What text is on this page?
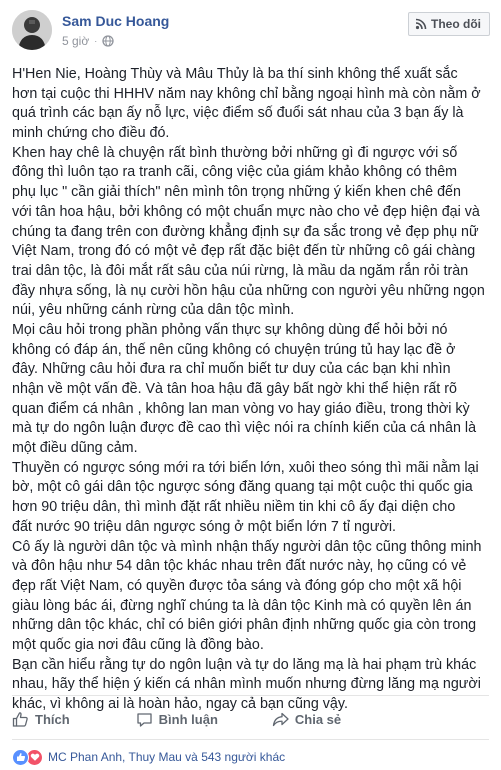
Sam Duc Hoang
5 giờ ·
Theo dõi
H'Hen Nie, Hoàng Thùy và Mâu Thủy là ba thí sinh không thể xuất sắc
hơn tại cuộc thi HHHV năm nay không chỉ bằng ngoại hình mà còn nằm ở
quá trình các bạn ấy nỗ lực, việc điểm số đuổi sát nhau của 3 bạn ấy là
minh chứng cho điều đó.
Khen hay chê là chuyện rất bình thường bởi những gì đi ngược với số
đông thì luôn tạo ra tranh cãi, công việc của giám khảo không có thêm
phụ lục " cần giải thích" nên mình tôn trọng những ý kiến khen chê đến
với tân hoa hậu, bởi không có một chuẩn mực nào cho vẻ đẹp hiện đại và
chúng ta đang trên con đường khẳng định sự đa sắc trong vẻ đẹp phụ nữ
Việt Nam, trong đó có một vẻ đẹp rất đặc biệt đến từ những cô gái chàng
trai dân tộc, là đôi mắt rất sâu của núi rừng, là mầu da ngăm rắn rỏi tràn
đầy nhựa sống, là nụ cười hồn hậu của những con người yêu những ngọn
núi, yêu những cánh rừng của dân tộc mình.
Mọi câu hỏi trong phần phỏng vấn thực sự không dùng để hỏi bởi nó
không có đáp án, thế nên cũng không có chuyện trúng tủ hay lạc đề ở
đây. Những câu hỏi đưa ra chỉ muốn biết tư duy của các bạn khi nhìn
nhận về một vấn đề. Và tân hoa hậu đã gây bất ngờ khi thể hiện rất rõ
quan điểm cá nhân , không lan man vòng vo hay giáo điều, trong thời kỳ
mà tự do ngôn luận được đề cao thì việc nói ra chính kiến của cá nhân là
một điều dũng cảm.
Thuyền có ngược sóng mới ra tới biển lớn, xuôi theo sóng thì mãi nằm lại
bờ, một cô gái dân tộc ngược sóng đăng quang tại một cuộc thi quốc gia
hơn 90 triệu dân, thì mình đặt rất nhiều niềm tin khi cô ấy đại diện cho
đất nước 90 triệu dân ngược sóng ở một biển lớn 7 tỉ người.
Cô ấy là người dân tộc và mình nhận thấy người dân tộc cũng thông minh
và đôn hậu như 54 dân tộc khác nhau trên đất nước này, họ cũng có vẻ
đẹp rất Việt Nam, có quyền được tỏa sáng và đóng góp cho một xã hội
giàu lòng bác ái, đừng nghĩ chúng ta là dân tộc Kinh mà có quyền lên án
những dân tộc khác, chỉ có biên giới phân định những quốc gia còn trong
một quốc gia nơi đâu cũng là đồng bào.
Bạn cần hiểu rằng tự do ngôn luận và tự do lăng mạ là hai phạm trù khác
nhau, hãy thể hiện ý kiến cá nhân mình muốn nhưng đừng lăng mạ người
khác, vì không ai là hoàn hảo, ngay cả bạn cũng vậy.
Thích	Bình luận	Chia sẻ
MC Phan Anh, Thuy Mau và 543 người khác
